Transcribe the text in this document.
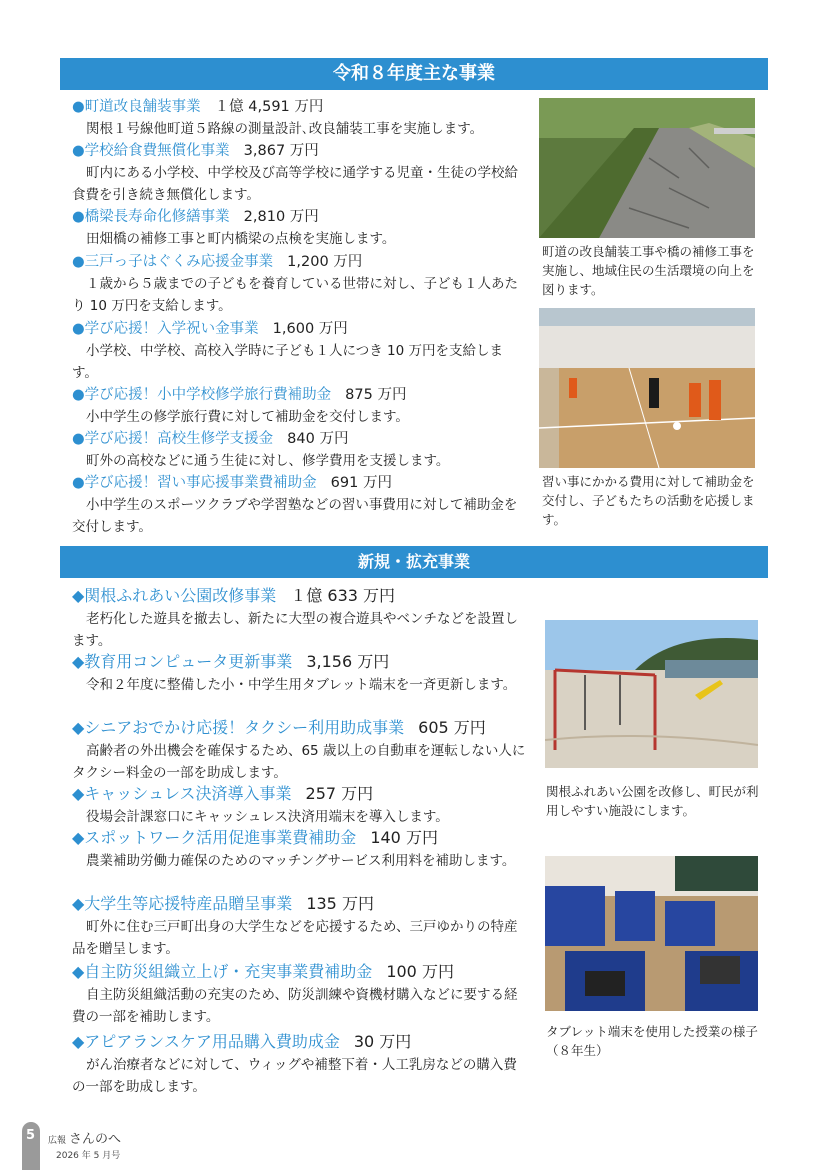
令和８年度主な事業
●町道改良舗装事業 １億 4,591 万円
関根１号線他町道５路線の測量設計､改良舗装工事を実施します。
●学校給食費無償化事業 3,867 万円
町内にある小学校、中学校及び高等学校に通学する児童・生徒の学校給食費を引き続き無償化します。
●橋梁長寿命化修繕事業 2,810 万円
田畑橋の補修工事と町内橋梁の点検を実施します。
●三戸っ子はぐくみ応援金事業 1,200 万円
１歳から５歳までの子どもを養育している世帯に対し、子ども１人あたり 10 万円を支給します。
●学び応援！入学祝い金事業 1,600 万円
小学校、中学校、高校入学時に子ども１人につき 10 万円を支給します。
●学び応援！小中学校修学旅行費補助金 875 万円
小中学生の修学旅行費に対して補助金を交付します。
●学び応援！高校生修学支援金 840 万円
町外の高校などに通う生徒に対し、修学費用を支援します。
●学び応援！習い事応援事業費補助金 691 万円
小中学生のスポーツクラブや学習塾などの習い事費用に対して補助金を交付します。
町道の改良舗装工事や橋の補修工事を実施し、地域住民の生活環境の向上を図ります。
習い事にかかる費用に対して補助金を交付し、子どもたちの活動を応援します。
新規・拡充事業
◆関根ふれあい公園改修事業 １億 633 万円
老朽化した遊具を撤去し、新たに大型の複合遊具やベンチなどを設置します。
◆教育用コンピュータ更新事業 3,156 万円
令和２年度に整備した小・中学生用タブレット端末を一斉更新します。
◆シニアおでかけ応援！タクシー利用助成事業 605 万円
高齢者の外出機会を確保するため、65 歳以上の自動車を運転しない人にタクシー料金の一部を助成します。
◆キャッシュレス決済導入事業 257 万円
役場会計課窓口にキャッシュレス決済用端末を導入します。
◆スポットワーク活用促進事業費補助金 140 万円
農業補助労働力確保のためのマッチングサービス利用料を補助します。
◆大学生等応援特産品贈呈事業 135 万円
町外に住む三戸町出身の大学生などを応援するため、三戸ゆかりの特産品を贈呈します。
◆自主防災組織立上げ・充実事業費補助金 100 万円
自主防災組織活動の充実のため、防災訓練や資機材購入などに要する経費の一部を補助します。
◆アピアランスケア用品購入費助成金 30 万円
がん治療者などに対して、ウィッグや補整下着・人工乳房などの購入費の一部を助成します。
関根ふれあい公園を改修し、町民が利用しやすい施設にします。
タブレット端末を使用した授業の様子（８年生）
5 広報 さんのへ
2026 年 5 月号
